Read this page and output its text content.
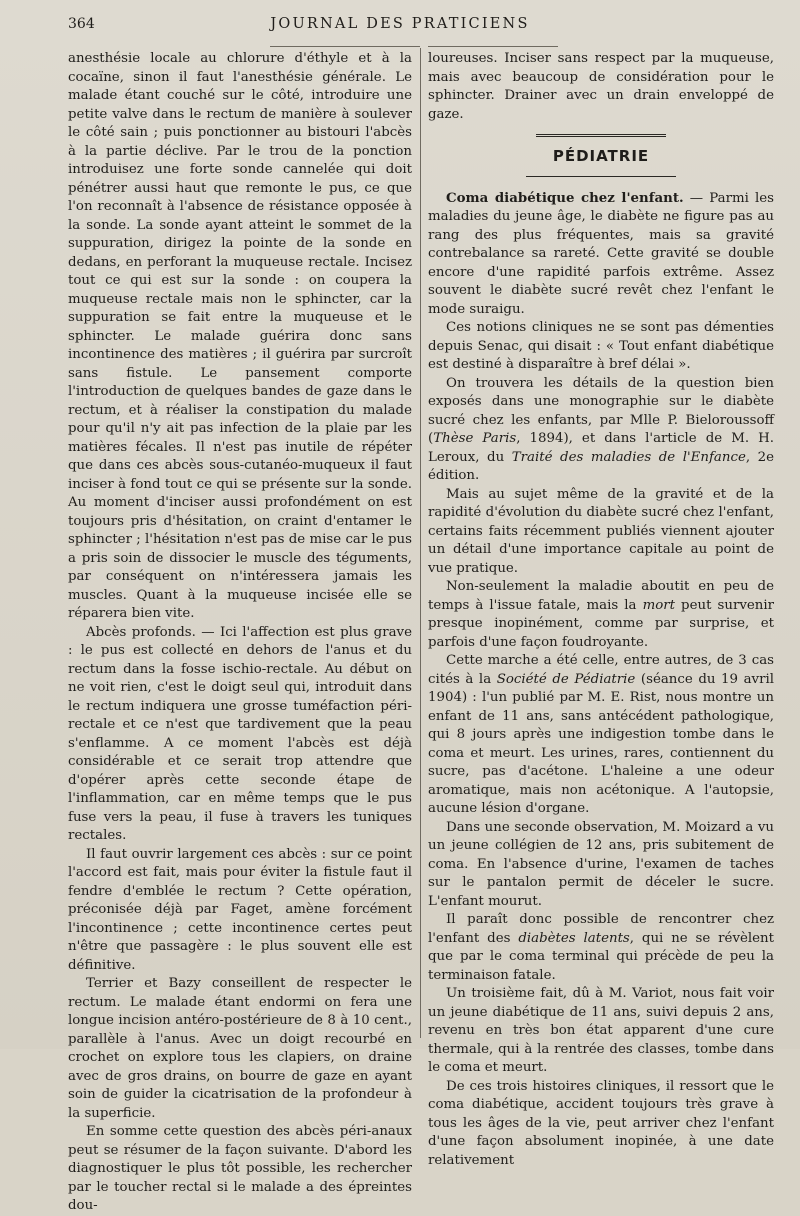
364	JOURNAL DES PRATICIENS

anesthésie locale au chlorure d'éthyle et à la cocaïne, sinon il faut l'anesthésie générale. Le malade étant couché sur le côté, introduire une petite valve dans le rectum de manière à soulever le côté sain ; puis ponctionner au bistouri l'abcès à la partie déclive. Par le trou de la ponction introduisez une forte sonde cannelée qui doit pénétrer aussi haut que remonte le pus, ce que l'on reconnaît à l'absence de résistance opposée à la sonde. La sonde ayant atteint le sommet de la suppuration, dirigez la pointe de la sonde en dedans, en perforant la muqueuse rectale. Incisez tout ce qui est sur la sonde : on coupera la muqueuse rectale mais non le sphincter, car la suppuration se fait entre la muqueuse et le sphincter. Le malade guérira donc sans incontinence des matières ; il guérira par surcroît sans fistule. Le pansement comporte l'introduction de quelques bandes de gaze dans le rectum, et à réaliser la constipation du malade pour qu'il n'y ait pas infection de la plaie par les matières fécales. Il n'est pas inutile de répéter que dans ces abcès sous-cutanéo-muqueux il faut inciser à fond tout ce qui se présente sur la sonde. Au moment d'inciser aussi profondément on est toujours pris d'hésitation, on craint d'entamer le sphincter ; l'hésitation n'est pas de mise car le pus a pris soin de dissocier le muscle des téguments, par conséquent on n'intéressera jamais les muscles. Quant à la muqueuse incisée elle se réparera bien vite.

Abcès profonds. — Ici l'affection est plus grave : le pus est collecté en dehors de l'anus et du rectum dans la fosse ischio-rectale. Au début on ne voit rien, c'est le doigt seul qui, introduit dans le rectum indiquera une grosse tuméfaction péri-rectale et ce n'est que tardivement que la peau s'enflamme. A ce moment l'abcès est déjà considérable et ce serait trop attendre que d'opérer après cette seconde étape de l'inflammation, car en même temps que le pus fuse vers la peau, il fuse à travers les tuniques rectales.

Il faut ouvrir largement ces abcès : sur ce point l'accord est fait, mais pour éviter la fistule faut il fendre d'emblée le rectum ? Cette opération, préconisée déjà par Faget, amène forcément l'incontinence ; cette incontinence certes peut n'être que passagère : le plus souvent elle est définitive.

Terrier et Bazy conseillent de respecter le rectum. Le malade étant endormi on fera une longue incision antéro-postérieure de 8 à 10 cent., parallèle à l'anus. Avec un doigt recourbé en crochet on explore tous les clapiers, on draine avec de gros drains, on bourre de gaze en ayant soin de guider la cicatrisation de la profondeur à la superficie.

En somme cette question des abcès péri-anaux peut se résumer de la façon suivante. D'abord les diagnostiquer le plus tôt possible, les rechercher par le toucher rectal si le malade a des épreintes dou-

loureuses. Inciser sans respect par la muqueuse, mais avec beaucoup de considération pour le sphincter. Drainer avec un drain enveloppé de gaze.

PÉDIATRIE

Coma diabétique chez l'enfant. — Parmi les maladies du jeune âge, le diabète ne figure pas au rang des plus fréquentes, mais sa gravité contrebalance sa rareté. Cette gravité se double encore d'une rapidité parfois extrême. Assez souvent le diabète sucré revêt chez l'enfant le mode suraigu.

Ces notions cliniques ne se sont pas démenties depuis Senac, qui disait : « Tout enfant diabétique est destiné à disparaître à bref délai ».

On trouvera les détails de la question bien exposés dans une monographie sur le diabète sucré chez les enfants, par Mlle P. Bieloroussoff (Thèse Paris, 1894), et dans l'article de M. H. Leroux, du Traité des maladies de l'Enfance, 2e édition.

Mais au sujet même de la gravité et de la rapidité d'évolution du diabète sucré chez l'enfant, certains faits récemment publiés viennent ajouter un détail d'une importance capitale au point de vue pratique.

Non-seulement la maladie aboutit en peu de temps à l'issue fatale, mais la mort peut survenir presque inopinément, comme par surprise, et parfois d'une façon foudroyante.

Cette marche a été celle, entre autres, de 3 cas cités à la Société de Pédiatrie (séance du 19 avril 1904) : l'un publié par M. E. Rist, nous montre un enfant de 11 ans, sans antécédent pathologique, qui 8 jours après une indigestion tombe dans le coma et meurt. Les urines, rares, contiennent du sucre, pas d'acétone. L'haleine a une odeur aromatique, mais non acétonique. A l'autopsie, aucune lésion d'organe.

Dans une seconde observation, M. Moizard a vu un jeune collégien de 12 ans, pris subitement de coma. En l'absence d'urine, l'examen de taches sur le pantalon permit de déceler le sucre. L'enfant mourut.

Il paraît donc possible de rencontrer chez l'enfant des diabètes latents, qui ne se révèlent que par le coma terminal qui précède de peu la terminaison fatale.

Un troisième fait, dû à M. Variot, nous fait voir un jeune diabétique de 11 ans, suivi depuis 2 ans, revenu en très bon état apparent d'une cure thermale, qui à la rentrée des classes, tombe dans le coma et meurt.

De ces trois histoires cliniques, il ressort que le coma diabétique, accident toujours très grave à tous les âges de la vie, peut arriver chez l'enfant d'une façon absolument inopinée, à une date relativement
